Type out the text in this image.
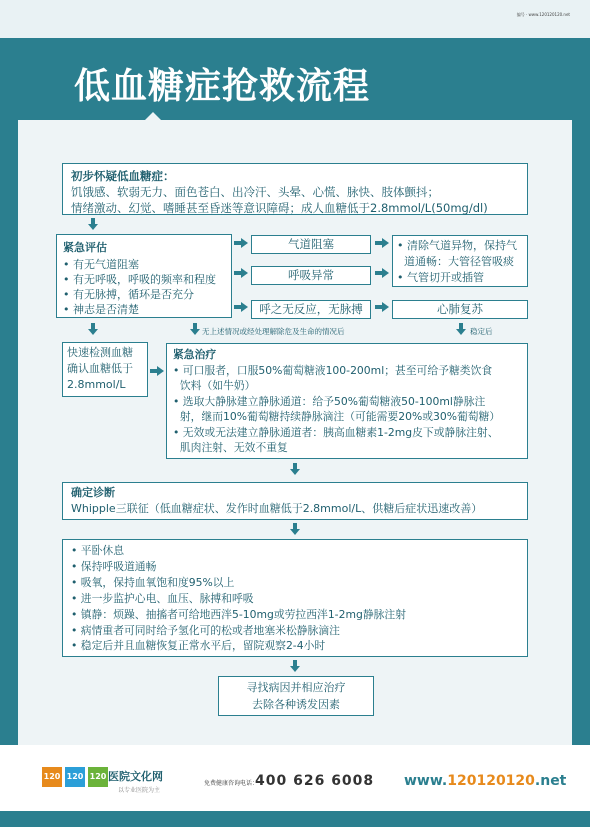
编号 · www.120120120.net
低血糖症抢救流程
初步怀疑低血糖症：
饥饿感、软弱无力、面色苍白、出冷汗、头晕、心慌、脉快、肢体颤抖；
情绪激动、幻觉、嗜睡甚至昏迷等意识障碍；成人血糖低于2.8mmol/L(50mg/dl)
紧急评估
• 有无气道阻塞
• 有无呼吸，呼吸的频率和程度
• 有无脉搏，循环是否充分
• 神志是否清楚
气道阻塞
呼吸异常
呼之无反应，无脉搏
• 清除气道异物，保持气
道通畅：大管径管吸痰
• 气管切开或插管
心肺复苏
无上述情况或经处理解除危及生命的情况后	稳定后
快速检测血糖
确认血糖低于
2.8mmol/L
紧急治疗
• 可口服者，口服50%葡萄糖液100-200ml；甚至可给予糖类饮食
饮料（如牛奶）
• 选取大静脉建立静脉通道：给予50%葡萄糖液50-100ml静脉注
射，继而10%葡萄糖持续静脉滴注（可能需要20%或30%葡萄糖）
• 无效或无法建立静脉通道者：胰高血糖素1-2mg皮下或静脉注射、
肌肉注射、无效不重复
确定诊断
Whipple三联征（低血糖症状、发作时血糖低于2.8mmol/L、供糖后症状迅速改善）
• 平卧休息
• 保持呼吸道通畅
• 吸氧，保持血氧饱和度95%以上
• 进一步监护心电、血压、脉搏和呼吸
• 镇静：烦躁、抽搐者可给地西泮5-10mg或劳拉西泮1-2mg静脉注射
• 病情重者可同时给予氢化可的松或者地塞米松静脉滴注
• 稳定后并且血糖恢复正常水平后，留院观察2-4小时
寻找病因并相应治疗
去除各种诱发因素
120 120 120 医院文化网
以专业医院为主
免费健康咨询电话：
400 626 6008 www.120120120.net
